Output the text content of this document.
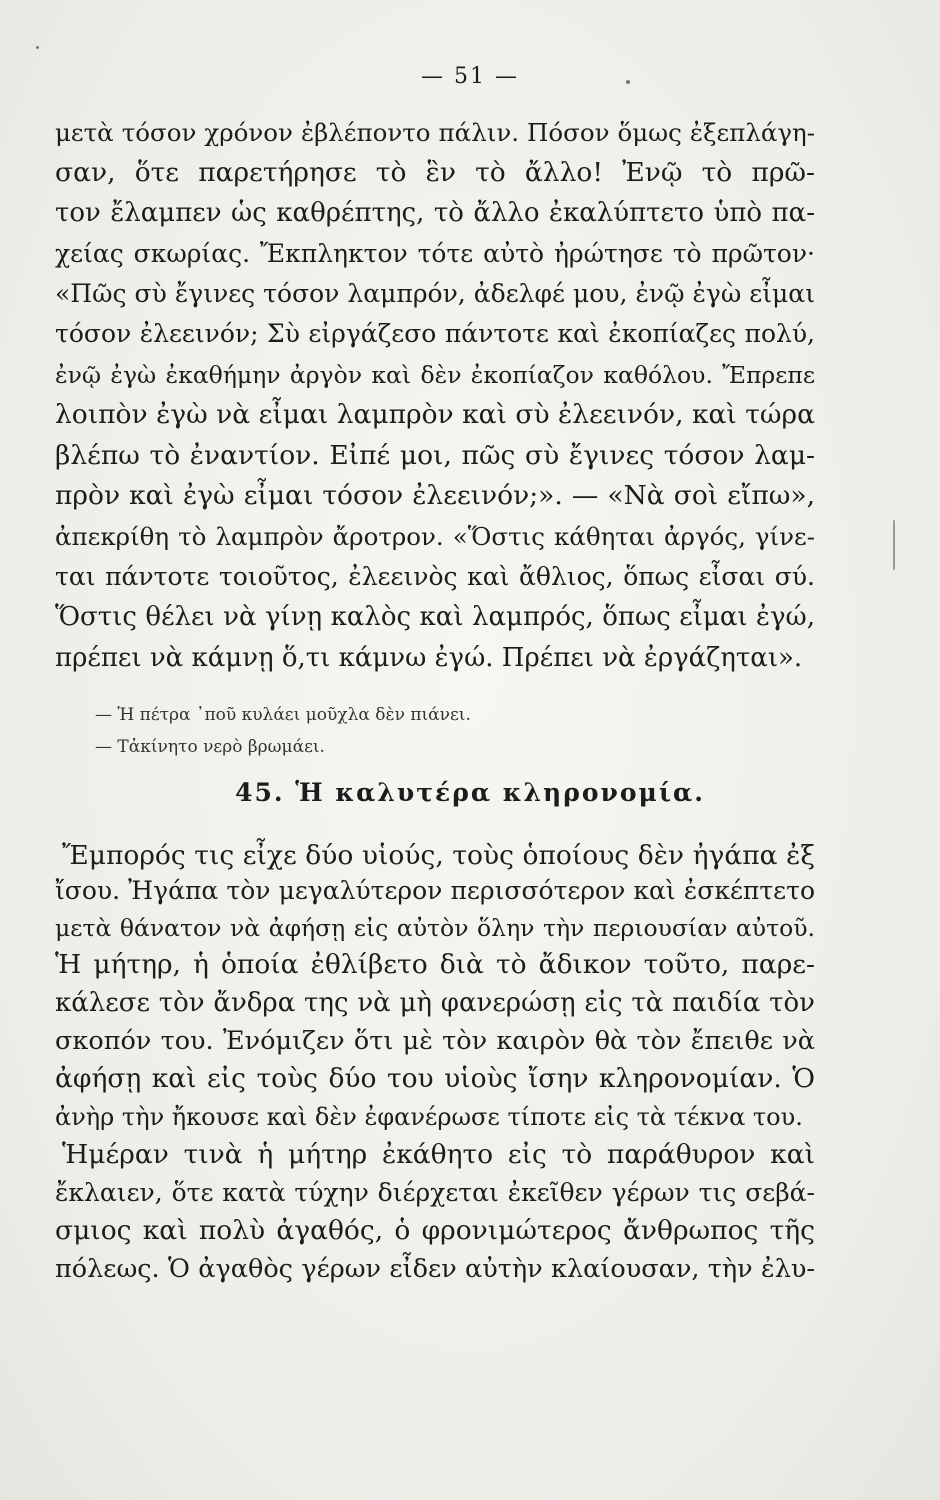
— 51 —
μετὰ τόσον χρόνον ἐβλέποντο πάλιν. Πόσον ὅμως ἐξεπλάγη-
σαν, ὅτε παρετήρησε τὸ ἓν τὸ ἄλλο! Ἐνῷ τὸ πρῶ-
τον ἔλαμπεν ὡς καθρέπτης, τὸ ἄλλο ἐκαλύπτετο ὑπὸ πα-
χείας σκωρίας. Ἔκπληκτον τότε αὐτὸ ἠρώτησε τὸ πρῶτον·
«Πῶς σὺ ἔγινες τόσον λαμπρόν, ἀδελφέ μου, ἐνῷ ἐγὼ εἶμαι
τόσον ἐλεεινόν; Σὺ εἰργάζεσο πάντοτε καὶ ἐκοπίαζες πολύ,
ἐνῷ ἐγὼ ἐκαθήμην ἀργὸν καὶ δὲν ἐκοπίαζον καθόλου. Ἔπρεπε
λοιπὸν ἐγὼ νὰ εἶμαι λαμπρὸν καὶ σὺ ἐλεεινόν, καὶ τώρα
βλέπω τὸ ἐναντίον. Εἰπέ μοι, πῶς σὺ ἔγινες τόσον λαμ-
πρὸν καὶ ἐγὼ εἶμαι τόσον ἐλεεινόν;». — «Νὰ σοὶ εἴπω»,
ἀπεκρίθη τὸ λαμπρὸν ἄροτρον. «Ὅστις κάθηται ἀργός, γίνε-
ται πάντοτε τοιοῦτος, ἐλεεινὸς καὶ ἄθλιος, ὅπως εἶσαι σύ.
Ὅστις θέλει νὰ γίνῃ καλὸς καὶ λαμπρός, ὅπως εἶμαι ἐγώ,
πρέπει νὰ κάμνῃ ὅ,τι κάμνω ἐγώ. Πρέπει νὰ ἐργάζηται».
— Ἡ πέτρα ᾽ποῦ κυλάει μοῦχλα δὲν πιάνει.
— Τἀκίνητο νερὸ βρωμάει.
45. Ἡ καλυτέρα κληρονομία.
Ἔμπορός τις εἶχε δύο υἱούς, τοὺς ὁποίους δὲν ἠγάπα ἐξ
ἴσου. Ἠγάπα τὸν μεγαλύτερον περισσότερον καὶ ἐσκέπτετο
μετὰ θάνατον νὰ ἀφήσῃ εἰς αὐτὸν ὅλην τὴν περιουσίαν αὐτοῦ.
Ἡ μήτηρ, ἡ ὁποία ἐθλίβετο διὰ τὸ ἄδικον τοῦτο, παρε-
κάλεσε τὸν ἄνδρα της νὰ μὴ φανερώσῃ εἰς τὰ παιδία τὸν
σκοπόν του. Ἐνόμιζεν ὅτι μὲ τὸν καιρὸν θὰ τὸν ἔπειθε νὰ
ἀφήσῃ καὶ εἰς τοὺς δύο του υἱοὺς ἴσην κληρονομίαν. Ὁ
ἀνὴρ τὴν ἤκουσε καὶ δὲν ἐφανέρωσε τίποτε εἰς τὰ τέκνα του.
Ἡμέραν τινὰ ἡ μήτηρ ἐκάθητο εἰς τὸ παράθυρον καὶ
ἔκλαιεν, ὅτε κατὰ τύχην διέρχεται ἐκεῖθεν γέρων τις σεβά-
σμιος καὶ πολὺ ἀγαθός, ὁ φρονιμώτερος ἄνθρωπος τῆς
πόλεως. Ὁ ἀγαθὸς γέρων εἶδεν αὐτὴν κλαίουσαν, τὴν ἐλυ-
